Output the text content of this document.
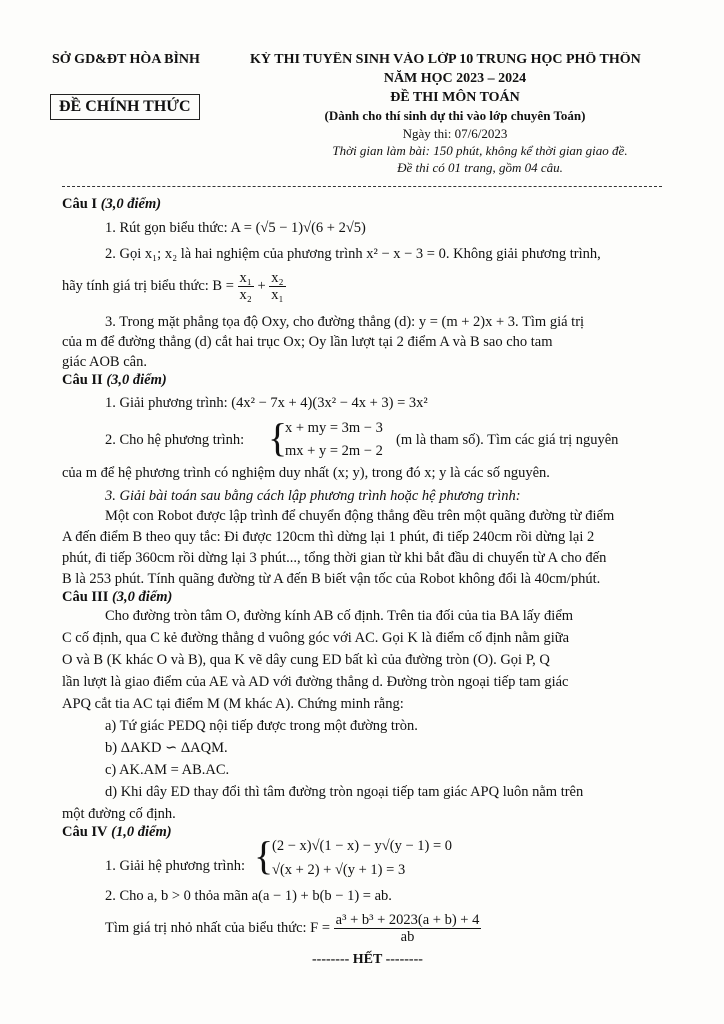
SỞ GD&ĐT HÒA BÌNH
ĐỀ CHÍNH THỨC
KỲ THI TUYỂN SINH VÀO LỚP 10 TRUNG HỌC PHỔ THÔN
NĂM HỌC 2023 – 2024
ĐỀ THI MÔN TOÁN
(Dành cho thí sinh dự thi vào lớp chuyên Toán)
Ngày thi: 07/6/2023
Thời gian làm bài: 150 phút, không kể thời gian giao đề.
Đề thi có 01 trang, gồm 04 câu.
Câu I (3,0 điểm)
1. Rút gọn biểu thức: A = (√5 − 1)√(6 + 2√5)
2. Gọi x₁; x₂ là hai nghiệm của phương trình x² − x − 3 = 0. Không giải phương trình,
hãy tính giá trị biểu thức: $B = \frac{\text{x₁}}{\text{x₂}} + \frac{\text{x₂}}{\text{x₁}}$
3. Trong mặt phẳng tọa độ Oxy, cho đường thẳng (d): y = (m + 2)x + 3. Tìm giá trị
của m để đường thẳng (d) cắt hai trục Ox; Oy lần lượt tại 2 điểm A và B sao cho tam
giác AOB cân.
Câu II (3,0 điểm)
1. Giải phương trình: (4x² − 7x + 4)(3x² − 4x + 3) = 3x²
2. Cho hệ phương trình: {
x + my = 3m − 3
mx + y = 2m − 2
(m là tham số). Tìm các giá trị nguyên
của m để hệ phương trình có nghiệm duy nhất (x; y), trong đó x; y là các số nguyên.
3. Giải bài toán sau bằng cách lập phương trình hoặc hệ phương trình:
Một con Robot được lập trình để chuyển động thẳng đều trên một quãng đường từ điểm
A đến điểm B theo quy tắc: Đi được 120cm thì dừng lại 1 phút, đi tiếp 240cm rồi dừng lại 2
phút, đi tiếp 360cm rồi dừng lại 3 phút..., tổng thời gian từ khi bắt đầu di chuyển từ A cho đến
B là 253 phút. Tính quãng đường từ A đến B biết vận tốc của Robot không đổi là 40cm/phút.
Câu III (3,0 điểm)
Cho đường tròn tâm O, đường kính AB cố định. Trên tia đối của tia BA lấy điểm
C cố định, qua C kẻ đường thẳng d vuông góc với AC. Gọi K là điểm cố định nằm giữa
O và B (K khác O và B), qua K vẽ dây cung ED bất kì của đường tròn (O). Gọi P, Q
lần lượt là giao điểm của AE và AD với đường thẳng d. Đường tròn ngoại tiếp tam giác
APQ cắt tia AC tại điểm M (M khác A). Chứng minh rằng:
a) Tứ giác PEDQ nội tiếp được trong một đường tròn.
b) ΔAKD ∽ ΔAQM.
c) AK.AM = AB.AC.
d) Khi dây ED thay đổi thì tâm đường tròn ngoại tiếp tam giác APQ luôn nằm trên
một đường cố định.
Câu IV (1,0 điểm)
1. Giải hệ phương trình: {
(2 − x)√(1 − x) − y√(y − 1) = 0
√(x + 2) + √(y + 1) = 3
2. Cho a, b > 0 thỏa mãn a(a − 1) + b(b − 1) = ab.
Tìm giá trị nhỏ nhất của biểu thức: $F = \frac{\text{a³ + b³ + 2023(a + b) + 4}}{ab}$
-------- HẾT --------
